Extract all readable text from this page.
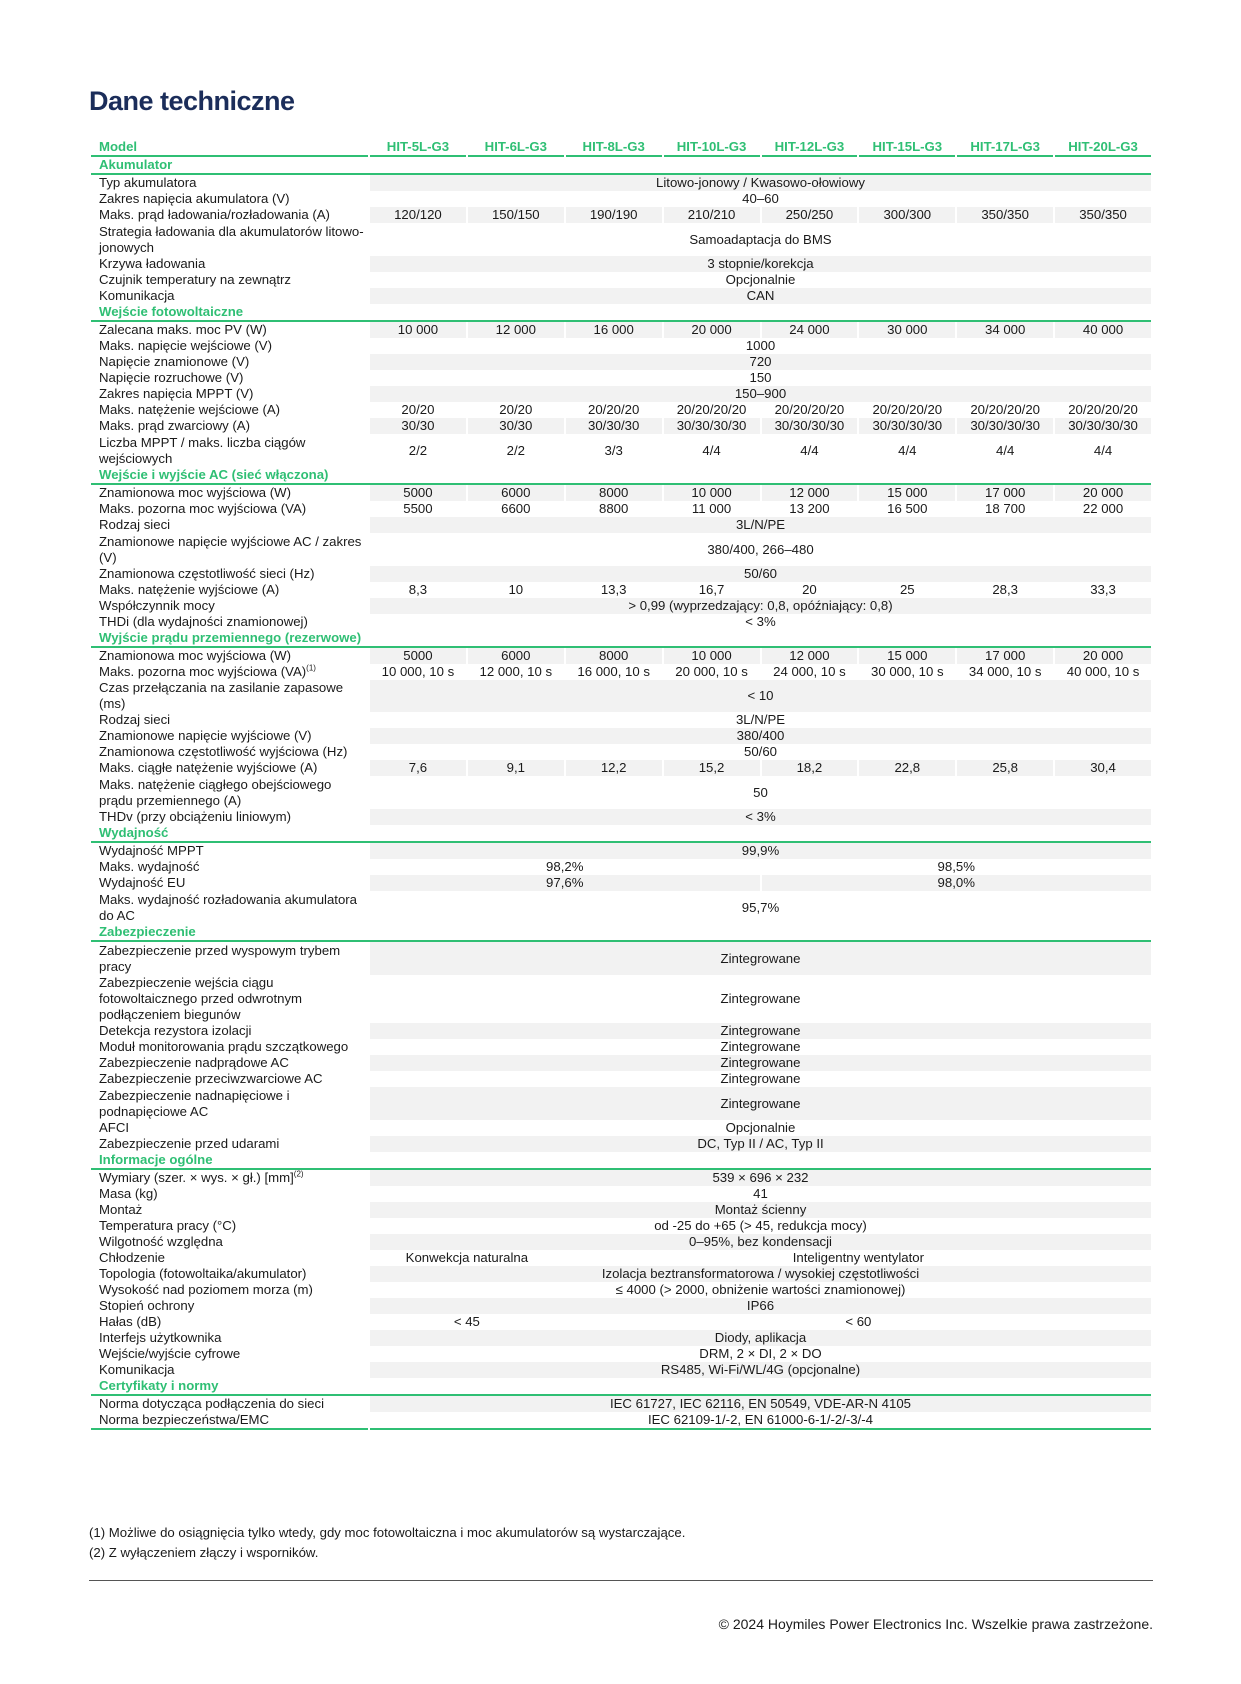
Dane techniczne
Model	HIT-5L-G3	HIT-6L-G3	HIT-8L-G3	HIT-10L-G3	HIT-12L-G3	HIT-15L-G3	HIT-17L-G3	HIT-20L-G3
Akumulator								
Typ akumulatora	Litowo-jonowy / Kwasowo-ołowiowy							
Zakres napięcia akumulatora (V)	40–60							
Maks. prąd ładowania/rozładowania (A)	120/120	150/150	190/190	210/210	250/250	300/300	350/350	350/350
Strategia ładowania dla akumulatorów litowo-jonowych	Samoadaptacja do BMS							
Krzywa ładowania	3 stopnie/korekcja							
Czujnik temperatury na zewnątrz	Opcjonalnie							
Komunikacja	CAN							
Wejście fotowoltaiczne								
Zalecana maks. moc PV (W)	10 000	12 000	16 000	20 000	24 000	30 000	34 000	40 000
Maks. napięcie wejściowe (V)	1000							
Napięcie znamionowe (V)	720							
Napięcie rozruchowe (V)	150							
Zakres napięcia MPPT (V)	150–900							
Maks. natężenie wejściowe (A)	20/20	20/20	20/20/20	20/20/20/20	20/20/20/20	20/20/20/20	20/20/20/20	20/20/20/20
Maks. prąd zwarciowy (A)	30/30	30/30	30/30/30	30/30/30/30	30/30/30/30	30/30/30/30	30/30/30/30	30/30/30/30
Liczba MPPT / maks. liczba ciągów wejściowych	2/2	2/2	3/3	4/4	4/4	4/4	4/4	4/4
Wejście i wyjście AC (sieć włączona)								
Znamionowa moc wyjściowa (W)	5000	6000	8000	10 000	12 000	15 000	17 000	20 000
Maks. pozorna moc wyjściowa (VA)	5500	6600	8800	11 000	13 200	16 500	18 700	22 000
Rodzaj sieci	3L/N/PE							
Znamionowe napięcie wyjściowe AC / zakres (V)	380/400, 266–480							
Znamionowa częstotliwość sieci (Hz)	50/60							
Maks. natężenie wyjściowe (A)	8,3	10	13,3	16,7	20	25	28,3	33,3
Współczynnik mocy	> 0,99 (wyprzedzający: 0,8, opóźniający: 0,8)							
THDi (dla wydajności znamionowej)	< 3%							
Wyjście prądu przemiennego (rezerwowe)								
Znamionowa moc wyjściowa (W)	5000	6000	8000	10 000	12 000	15 000	17 000	20 000
Maks. pozorna moc wyjściowa (VA)$^{(1)}$	10 000, 10 s	12 000, 10 s	16 000, 10 s	20 000, 10 s	24 000, 10 s	30 000, 10 s	34 000, 10 s	40 000, 10 s
Czas przełączania na zasilanie zapasowe (ms)	< 10							
Rodzaj sieci	3L/N/PE							
Znamionowe napięcie wyjściowe (V)	380/400							
Znamionowa częstotliwość wyjściowa (Hz)	50/60							
Maks. ciągłe natężenie wyjściowe (A)	7,6	9,1	12,2	15,2	18,2	22,8	25,8	30,4
Maks. natężenie ciągłego obejściowego prądu przemiennego (A)	50							
THDv (przy obciążeniu liniowym)	< 3%							
Wydajność								
Wydajność MPPT	99,9%							
Maks. wydajność	98,2%				98,5%			
Wydajność EU	97,6%				98,0%			
Maks. wydajność rozładowania akumulatora do AC	95,7%							
Zabezpieczenie								
Zabezpieczenie przed wyspowym trybem pracy	Zintegrowane							
Zabezpieczenie wejścia ciągu fotowoltaicznego przed odwrotnym podłączeniem biegunów	Zintegrowane							
Detekcja rezystora izolacji	Zintegrowane							
Moduł monitorowania prądu szczątkowego	Zintegrowane							
Zabezpieczenie nadprądowe AC	Zintegrowane							
Zabezpieczenie przeciwzwarciowe AC	Zintegrowane							
Zabezpieczenie nadnapięciowe i podnapięciowe AC	Zintegrowane							
AFCI	Opcjonalnie							
Zabezpieczenie przed udarami	DC, Typ II / AC, Typ II							
Informacje ogólne								
Wymiary (szer. × wys. × gł.) [mm]$^{(2)}$	539 × 696 × 232							
Masa (kg)	41							
Montaż	Montaż ścienny							
Temperatura pracy (°C)	od -25 do +65 (> 45, redukcja mocy)							
Wilgotność względna	0–95%, bez kondensacji							
Chłodzenie	Konwekcja naturalna		Inteligentny wentylator					
Topologia (fotowoltaika/akumulator)	Izolacja beztransformatorowa / wysokiej częstotliwości							
Wysokość nad poziomem morza (m)	≤ 4000 (> 2000, obniżenie wartości znamionowej)							
Stopień ochrony	IP66							
Hałas (dB)	< 45		< 60					
Interfejs użytkownika	Diody, aplikacja							
Wejście/wyjście cyfrowe	DRM, 2 × DI, 2 × DO							
Komunikacja	RS485, Wi-Fi/WL/4G (opcjonalne)							
Certyfikaty i normy								
Norma dotycząca podłączenia do sieci	IEC 61727, IEC 62116, EN 50549, VDE-AR-N 4105							
Norma bezpieczeństwa/EMC	IEC 62109-1/-2, EN 61000-6-1/-2/-3/-4							
(1) Możliwe do osiągnięcia tylko wtedy, gdy moc fotowoltaiczna i moc akumulatorów są wystarczające.
(2) Z wyłączeniem złączy i wsporników.
© 2024 Hoymiles Power Electronics Inc. Wszelkie prawa zastrzeżone.
